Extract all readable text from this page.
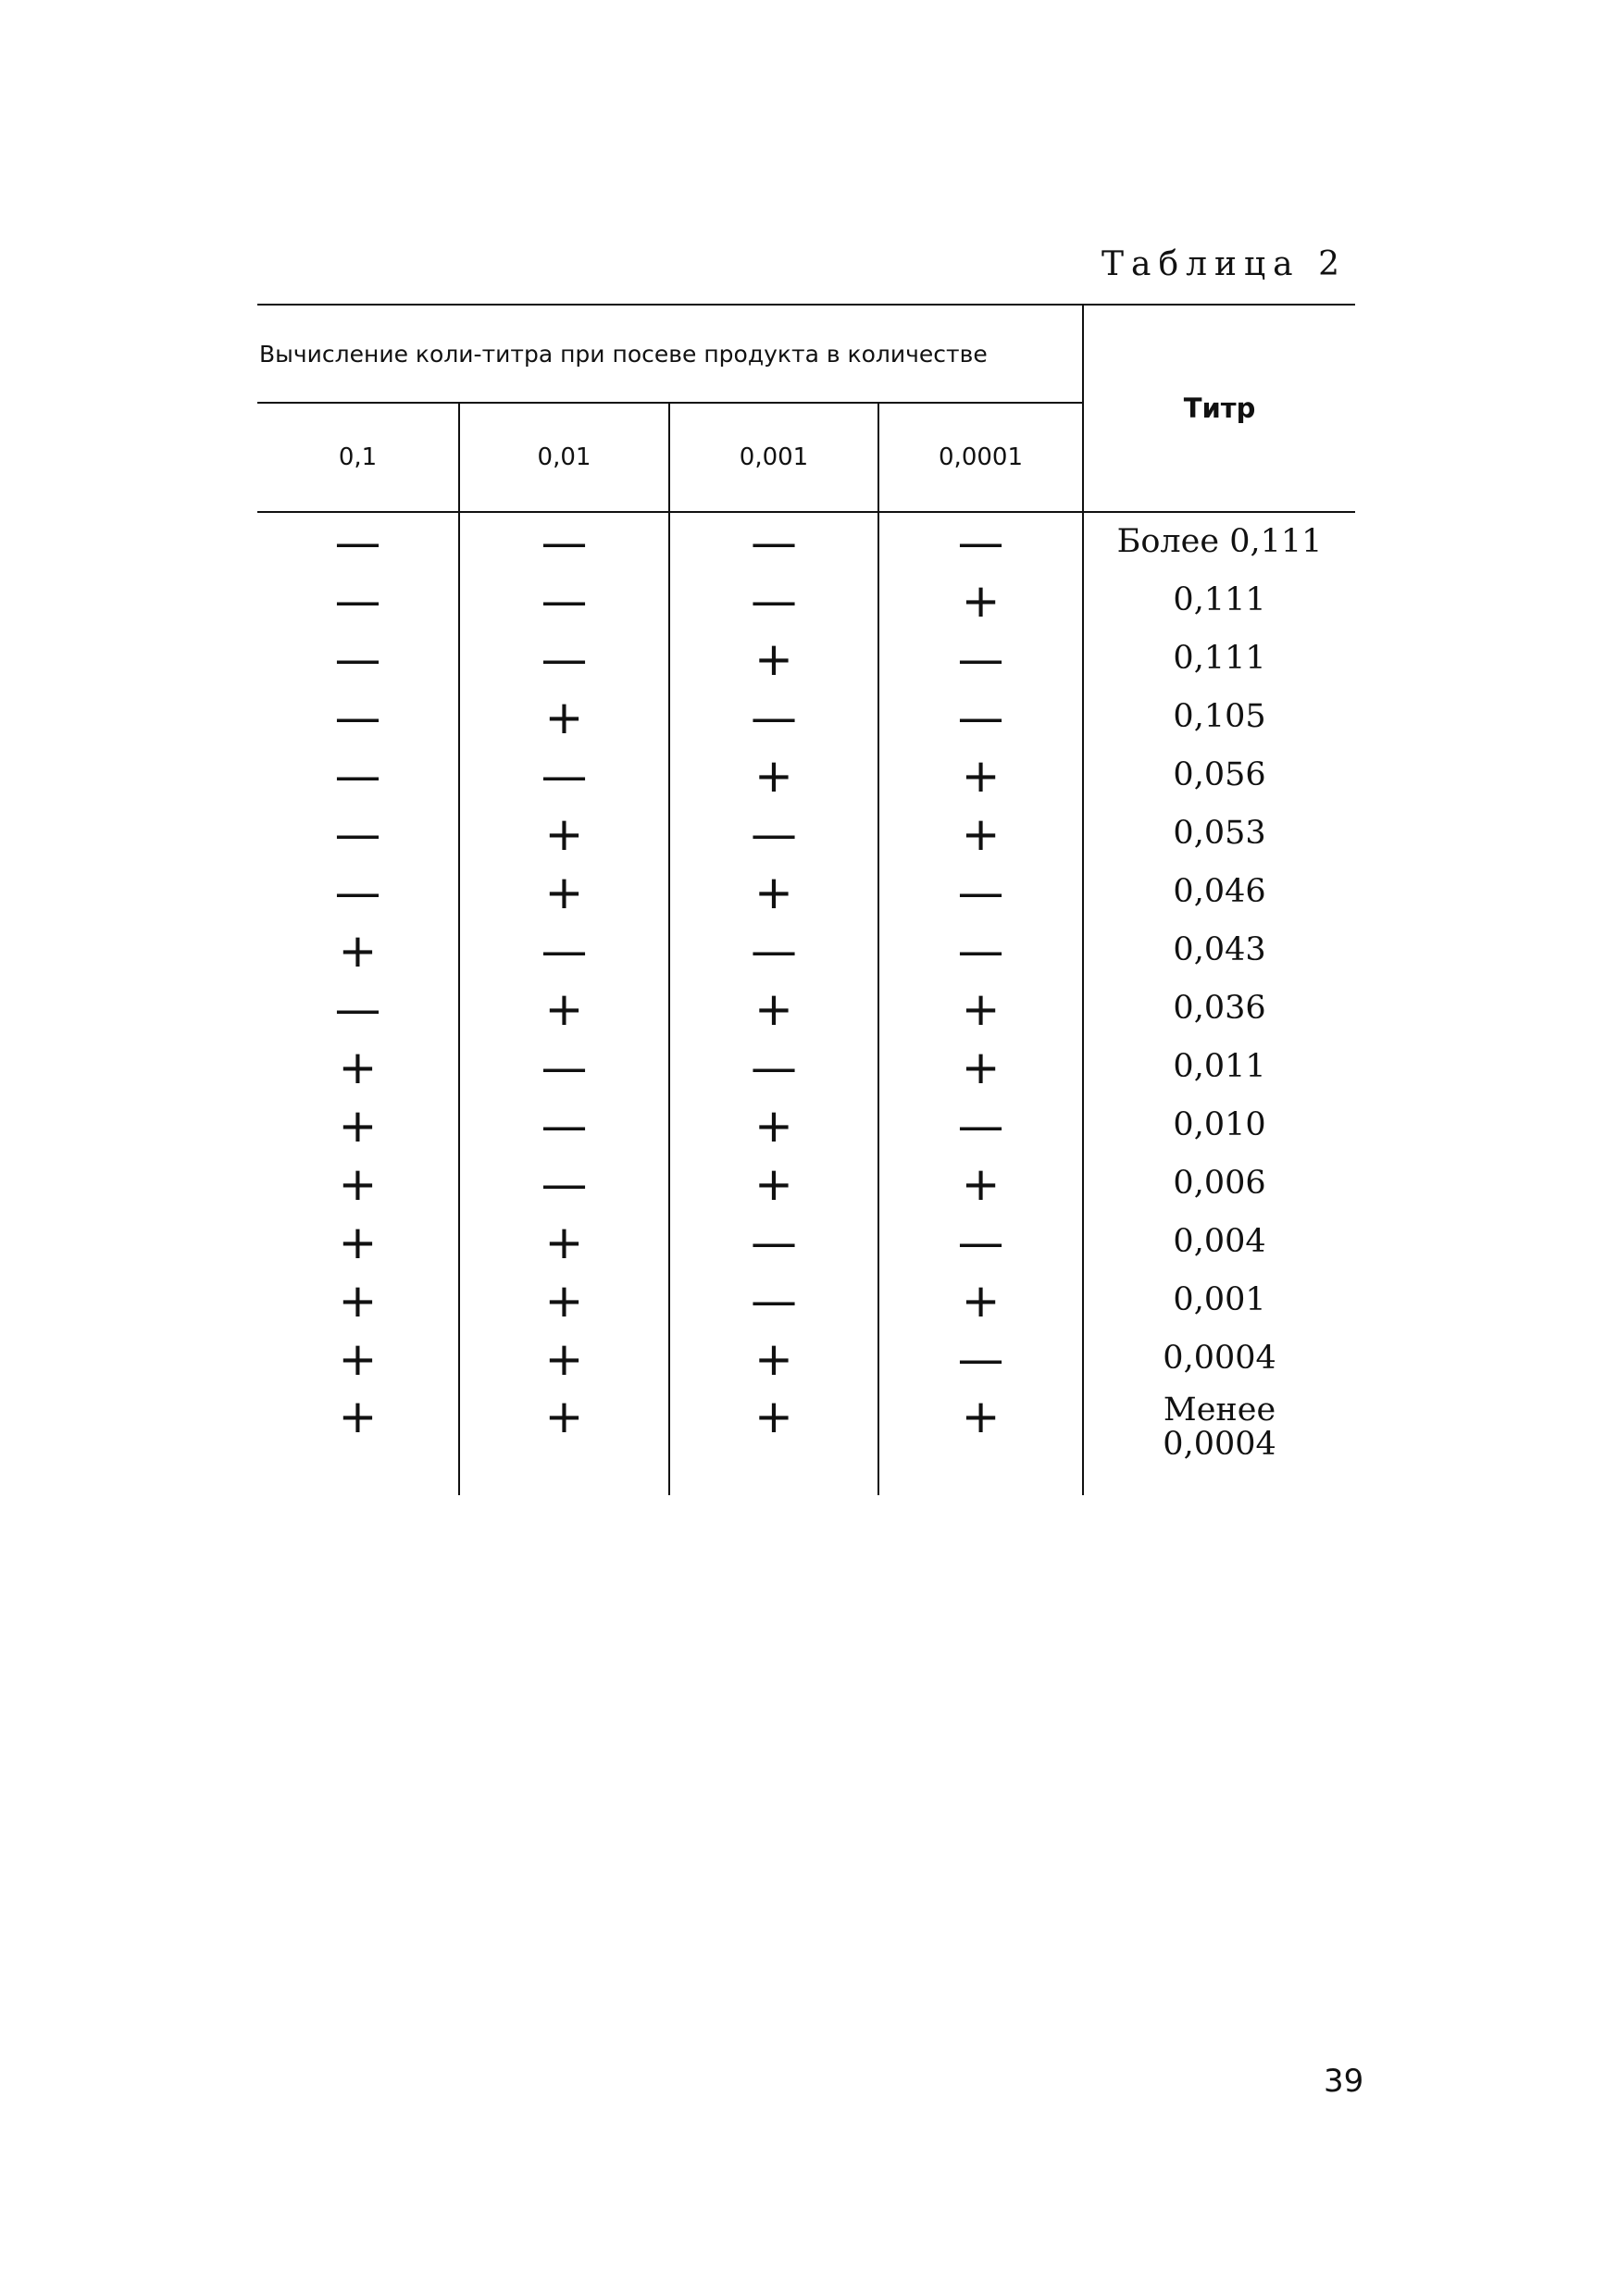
Таблица 2
Вычисление коли-титра при посеве продукта в количестве				Титр
0,1	0,01	0,001	0,0001	
—	—	—	—	Более 0,111
—	—	—	+	0,111
—	—	+	—	0,111
—	+	—	—	0,105
—	—	+	+	0,056
—	+	—	+	0,053
—	+	+	—	0,046
+	—	—	—	0,043
—	+	+	+	0,036
+	—	—	+	0,011
+	—	+	—	0,010
+	—	+	+	0,006
+	+	—	—	0,004
+	+	—	+	0,001
+	+	+	—	0,0004
+	+	+	+	Менее
0,0004
39
